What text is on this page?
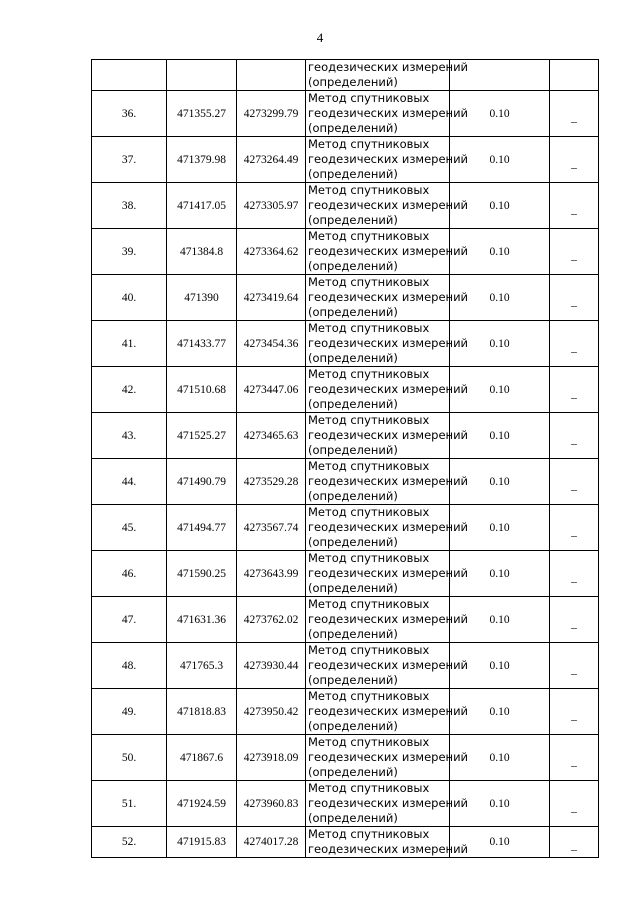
4

			геодезических измерений
(определений)		

36.	471355.27	4273299.79	Метод спутниковых
геодезических измерений
(определений)	0.10	_
37.	471379.98	4273264.49	Метод спутниковых
геодезических измерений
(определений)	0.10	_
38.	471417.05	4273305.97	Метод спутниковых
геодезических измерений
(определений)	0.10	_
39.	471384.8	4273364.62	Метод спутниковых
геодезических измерений
(определений)	0.10	_
40.	471390	4273419.64	Метод спутниковых
геодезических измерений
(определений)	0.10	_
41.	471433.77	4273454.36	Метод спутниковых
геодезических измерений
(определений)	0.10	_
42.	471510.68	4273447.06	Метод спутниковых
геодезических измерений
(определений)	0.10	_
43.	471525.27	4273465.63	Метод спутниковых
геодезических измерений
(определений)	0.10	_
44.	471490.79	4273529.28	Метод спутниковых
геодезических измерений
(определений)	0.10	_
45.	471494.77	4273567.74	Метод спутниковых
геодезических измерений
(определений)	0.10	_
46.	471590.25	4273643.99	Метод спутниковых
геодезических измерений
(определений)	0.10	_
47.	471631.36	4273762.02	Метод спутниковых
геодезических измерений
(определений)	0.10	_
48.	471765.3	4273930.44	Метод спутниковых
геодезических измерений
(определений)	0.10	_
49.	471818.83	4273950.42	Метод спутниковых
геодезических измерений
(определений)	0.10	_
50.	471867.6	4273918.09	Метод спутниковых
геодезических измерений
(определений)	0.10	_
51.	471924.59	4273960.83	Метод спутниковых
геодезических измерений
(определений)	0.10	_
52.	471915.83	4274017.28	Метод спутниковых
геодезических измерений	0.10	_
